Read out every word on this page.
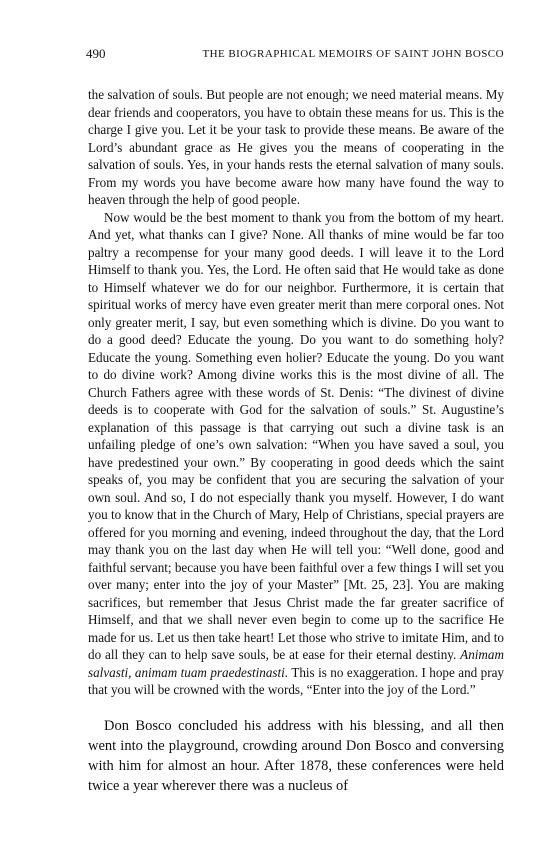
490	THE BIOGRAPHICAL MEMOIRS OF SAINT JOHN BOSCO

the salvation of souls. But people are not enough; we need material means. My dear friends and cooperators, you have to obtain these means for us. This is the charge I give you. Let it be your task to provide these means. Be aware of the Lord’s abundant grace as He gives you the means of cooperating in the salvation of souls. Yes, in your hands rests the eternal salvation of many souls. From my words you have become aware how many have found the way to heaven through the help of good people.

Now would be the best moment to thank you from the bottom of my heart. And yet, what thanks can I give? None. All thanks of mine would be far too paltry a recompense for your many good deeds. I will leave it to the Lord Himself to thank you. Yes, the Lord. He often said that He would take as done to Himself whatever we do for our neighbor. Furthermore, it is certain that spiritual works of mercy have even greater merit than mere corporal ones. Not only greater merit, I say, but even something which is divine. Do you want to do a good deed? Educate the young. Do you want to do something holy? Educate the young. Something even holier? Educate the young. Do you want to do divine work? Among divine works this is the most divine of all. The Church Fathers agree with these words of St. Denis: “The divinest of divine deeds is to cooperate with God for the salvation of souls.” St. Augustine’s explanation of this passage is that carrying out such a divine task is an unfailing pledge of one’s own salvation: “When you have saved a soul, you have predestined your own.” By cooperating in good deeds which the saint speaks of, you may be confident that you are securing the salvation of your own soul. And so, I do not especially thank you myself. However, I do want you to know that in the Church of Mary, Help of Christians, special prayers are offered for you morning and evening, indeed throughout the day, that the Lord may thank you on the last day when He will tell you: “Well done, good and faithful servant; because you have been faithful over a few things I will set you over many; enter into the joy of your Master” [Mt. 25, 23]. You are making sacrifices, but remember that Jesus Christ made the far greater sacrifice of Himself, and that we shall never even begin to come up to the sacrifice He made for us. Let us then take heart! Let those who strive to imitate Him, and to do all they can to help save souls, be at ease for their eternal destiny. Animam salvasti, animam tuam praedestinasti. This is no exaggeration. I hope and pray that you will be crowned with the words, “Enter into the joy of the Lord.”

Don Bosco concluded his address with his blessing, and all then went into the playground, crowding around Don Bosco and conversing with him for almost an hour. After 1878, these conferences were held twice a year wherever there was a nucleus of
